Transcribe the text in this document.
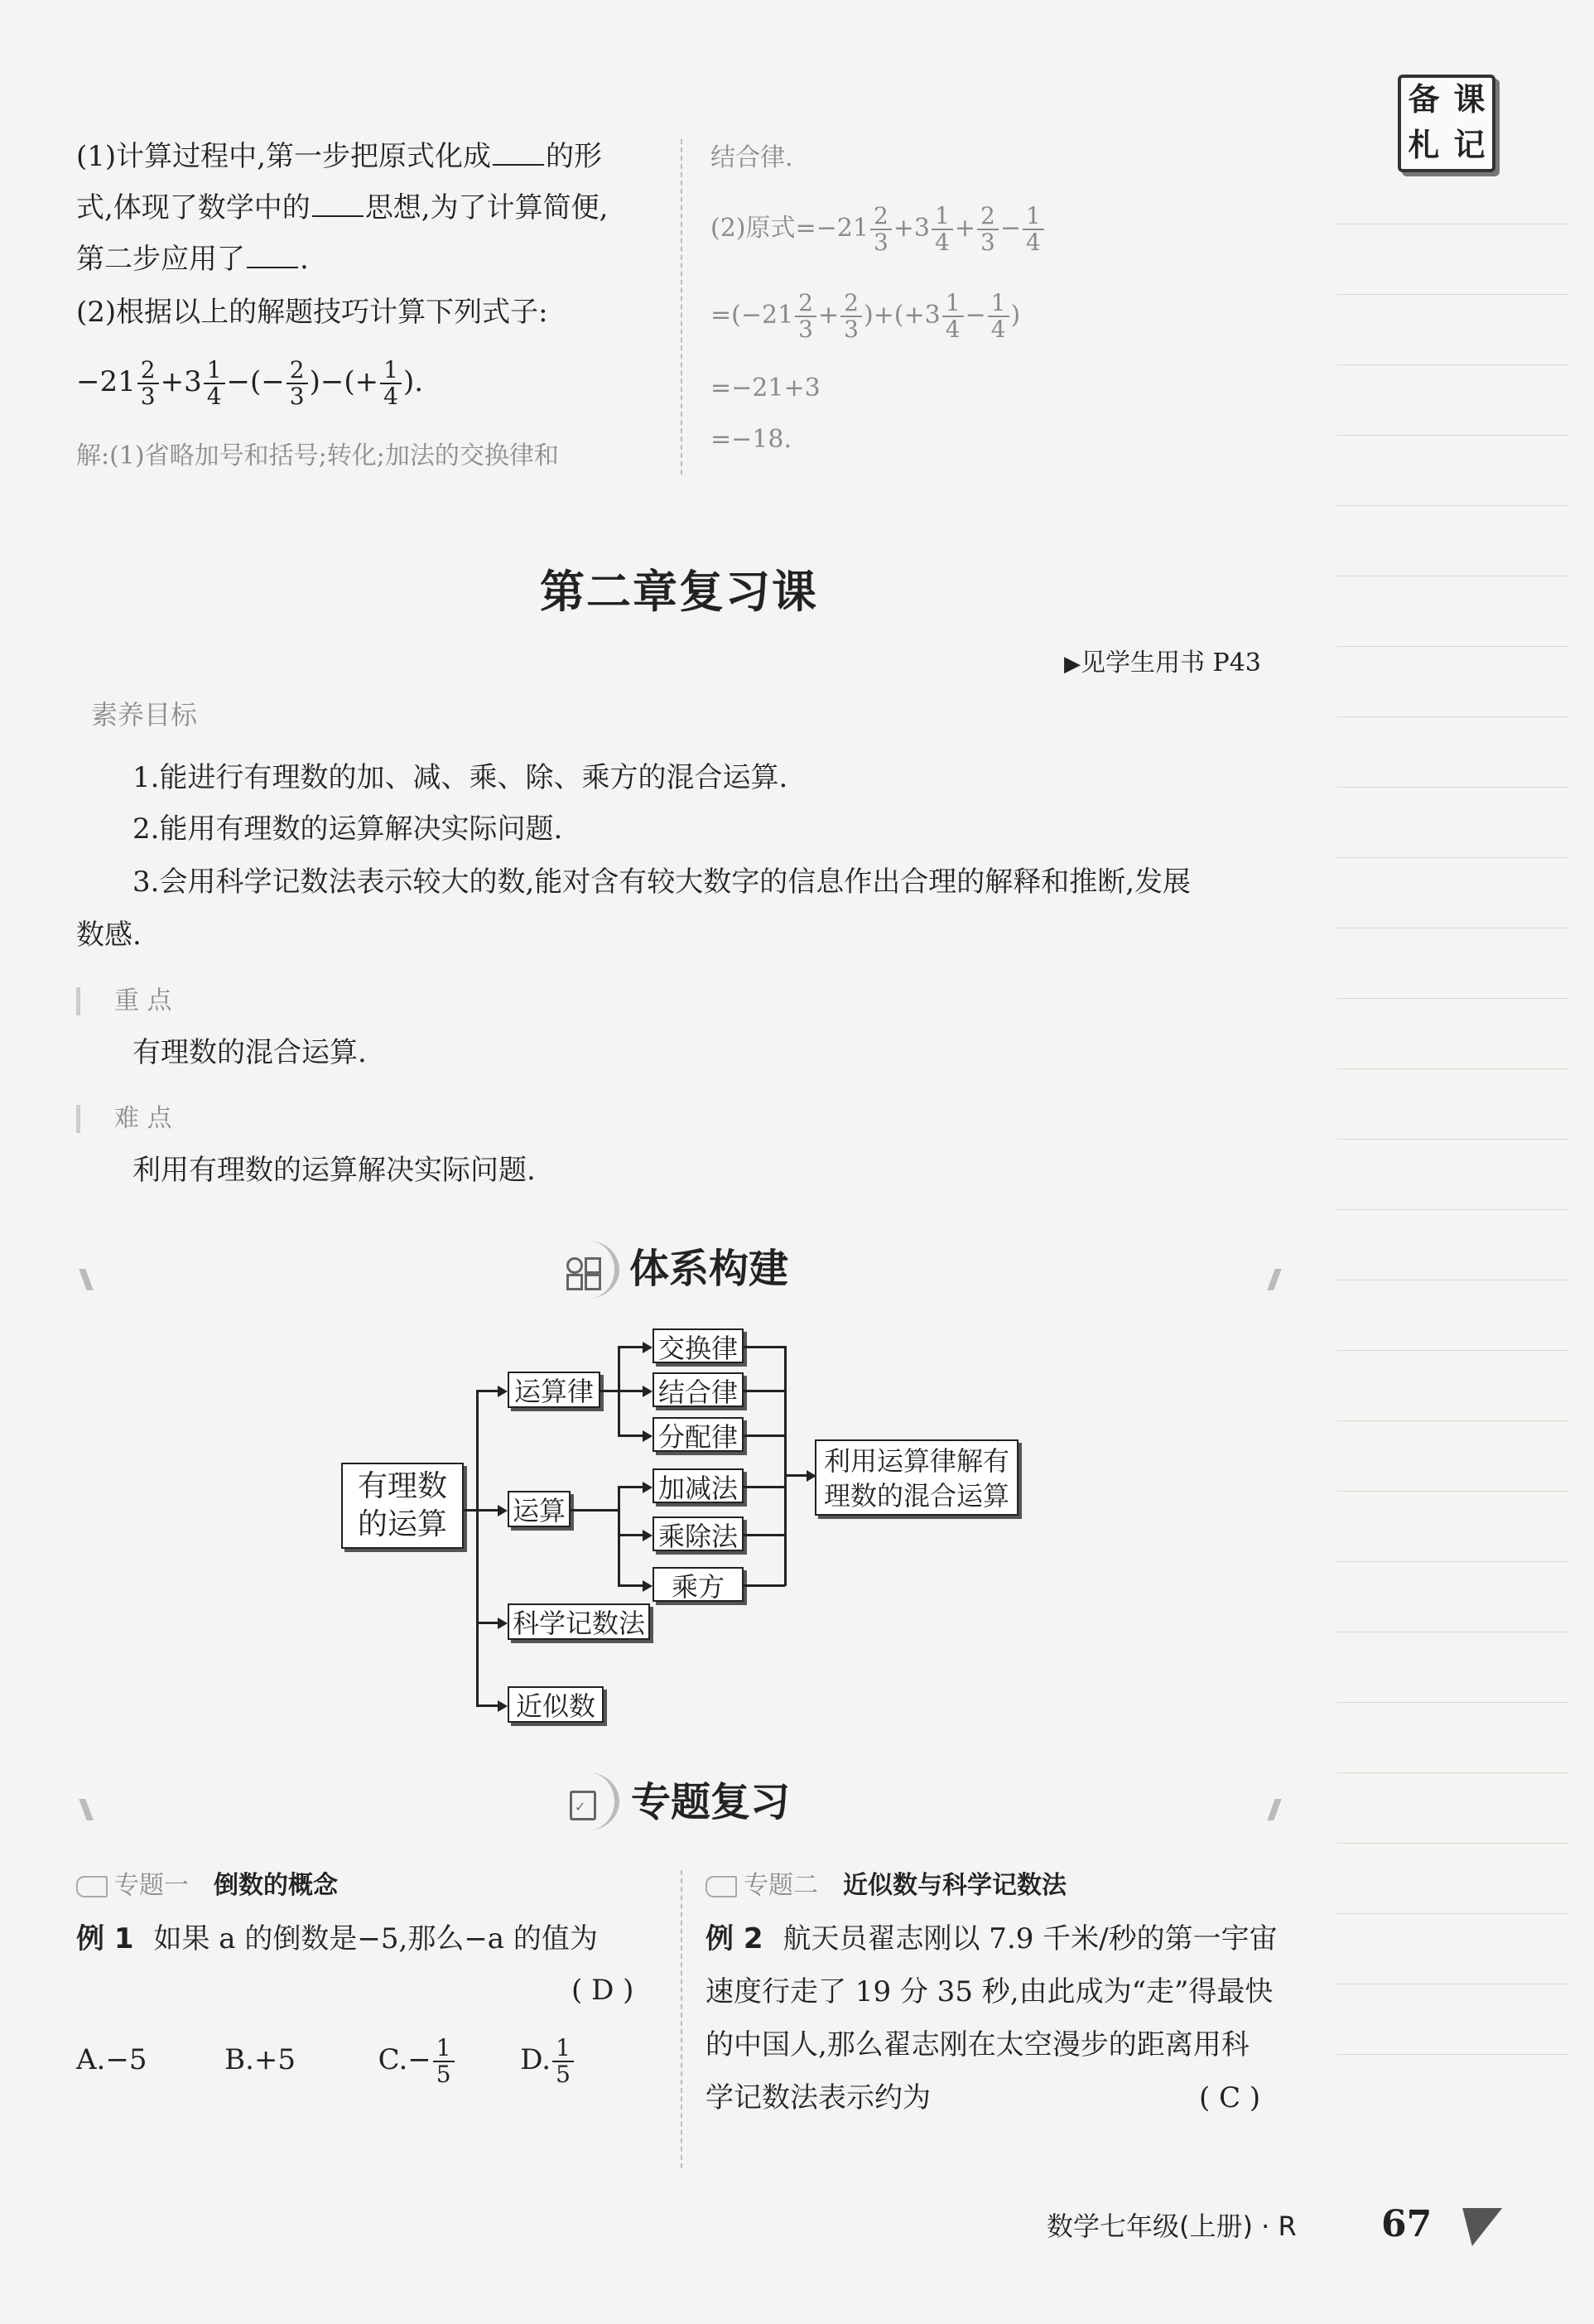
备 课
札 记
(1)计算过程中,第一步把原式化成 的形
式,体现了数学中的 思想,为了计算简便,
第二步应用了 .
(2)根据以上的解题技巧计算下列式子:
$-21 \frac{2}{3} +3 \frac{1}{4}$ −(− $\frac{2}{3}$ )−(+ $\frac{1}{4}$ ).
解:(1)省略加号和括号;转化;加法的交换律和
结合律.
(2)原式$=-21 \frac{2}{3} +3 \frac{1}{4} + \frac{2}{3} - \frac{1}{4}$
$=(-21 \frac{2}{3} + \frac{2}{3} )+(+3 \frac{1}{4} - \frac{1}{4}$ )
=−21+3
=−18.
第二章复习课
▶见学生用书 P43
素养目标
1.能进行有理数的加、减、乘、除、乘方的混合运算.
2.能用有理数的运算解决实际问题.
3.会用科学记数法表示较大的数,能对含有较大数字的信息作出合理的解释和推断,发展
数感.
重 点
有理数的混合运算.
难 点
利用有理数的运算解决实际问题.
体系构建
有理数
的运算
运算律
运算
科学记数法
近似数
交换律
结合律
分配律
加减法
乘除法
乘方
利用运算律解有
理数的混合运算
✓ 专题复习
专题一 倒数的概念
例 1 如果 a 的倒数是−5,那么−a 的值为
( D )
A.−5	B.+5	$C.- \frac{1}{5} D$. $\frac{1}{5}$
专题二 近似数与科学记数法
例 2 航天员翟志刚以 7.9 千米/秒的第一宇宙
速度行走了 19 分 35 秒,由此成为“走”得最快
的中国人,那么翟志刚在太空漫步的距离用科
学记数法表示约为	( C )
数学七年级(上册) · R 67
